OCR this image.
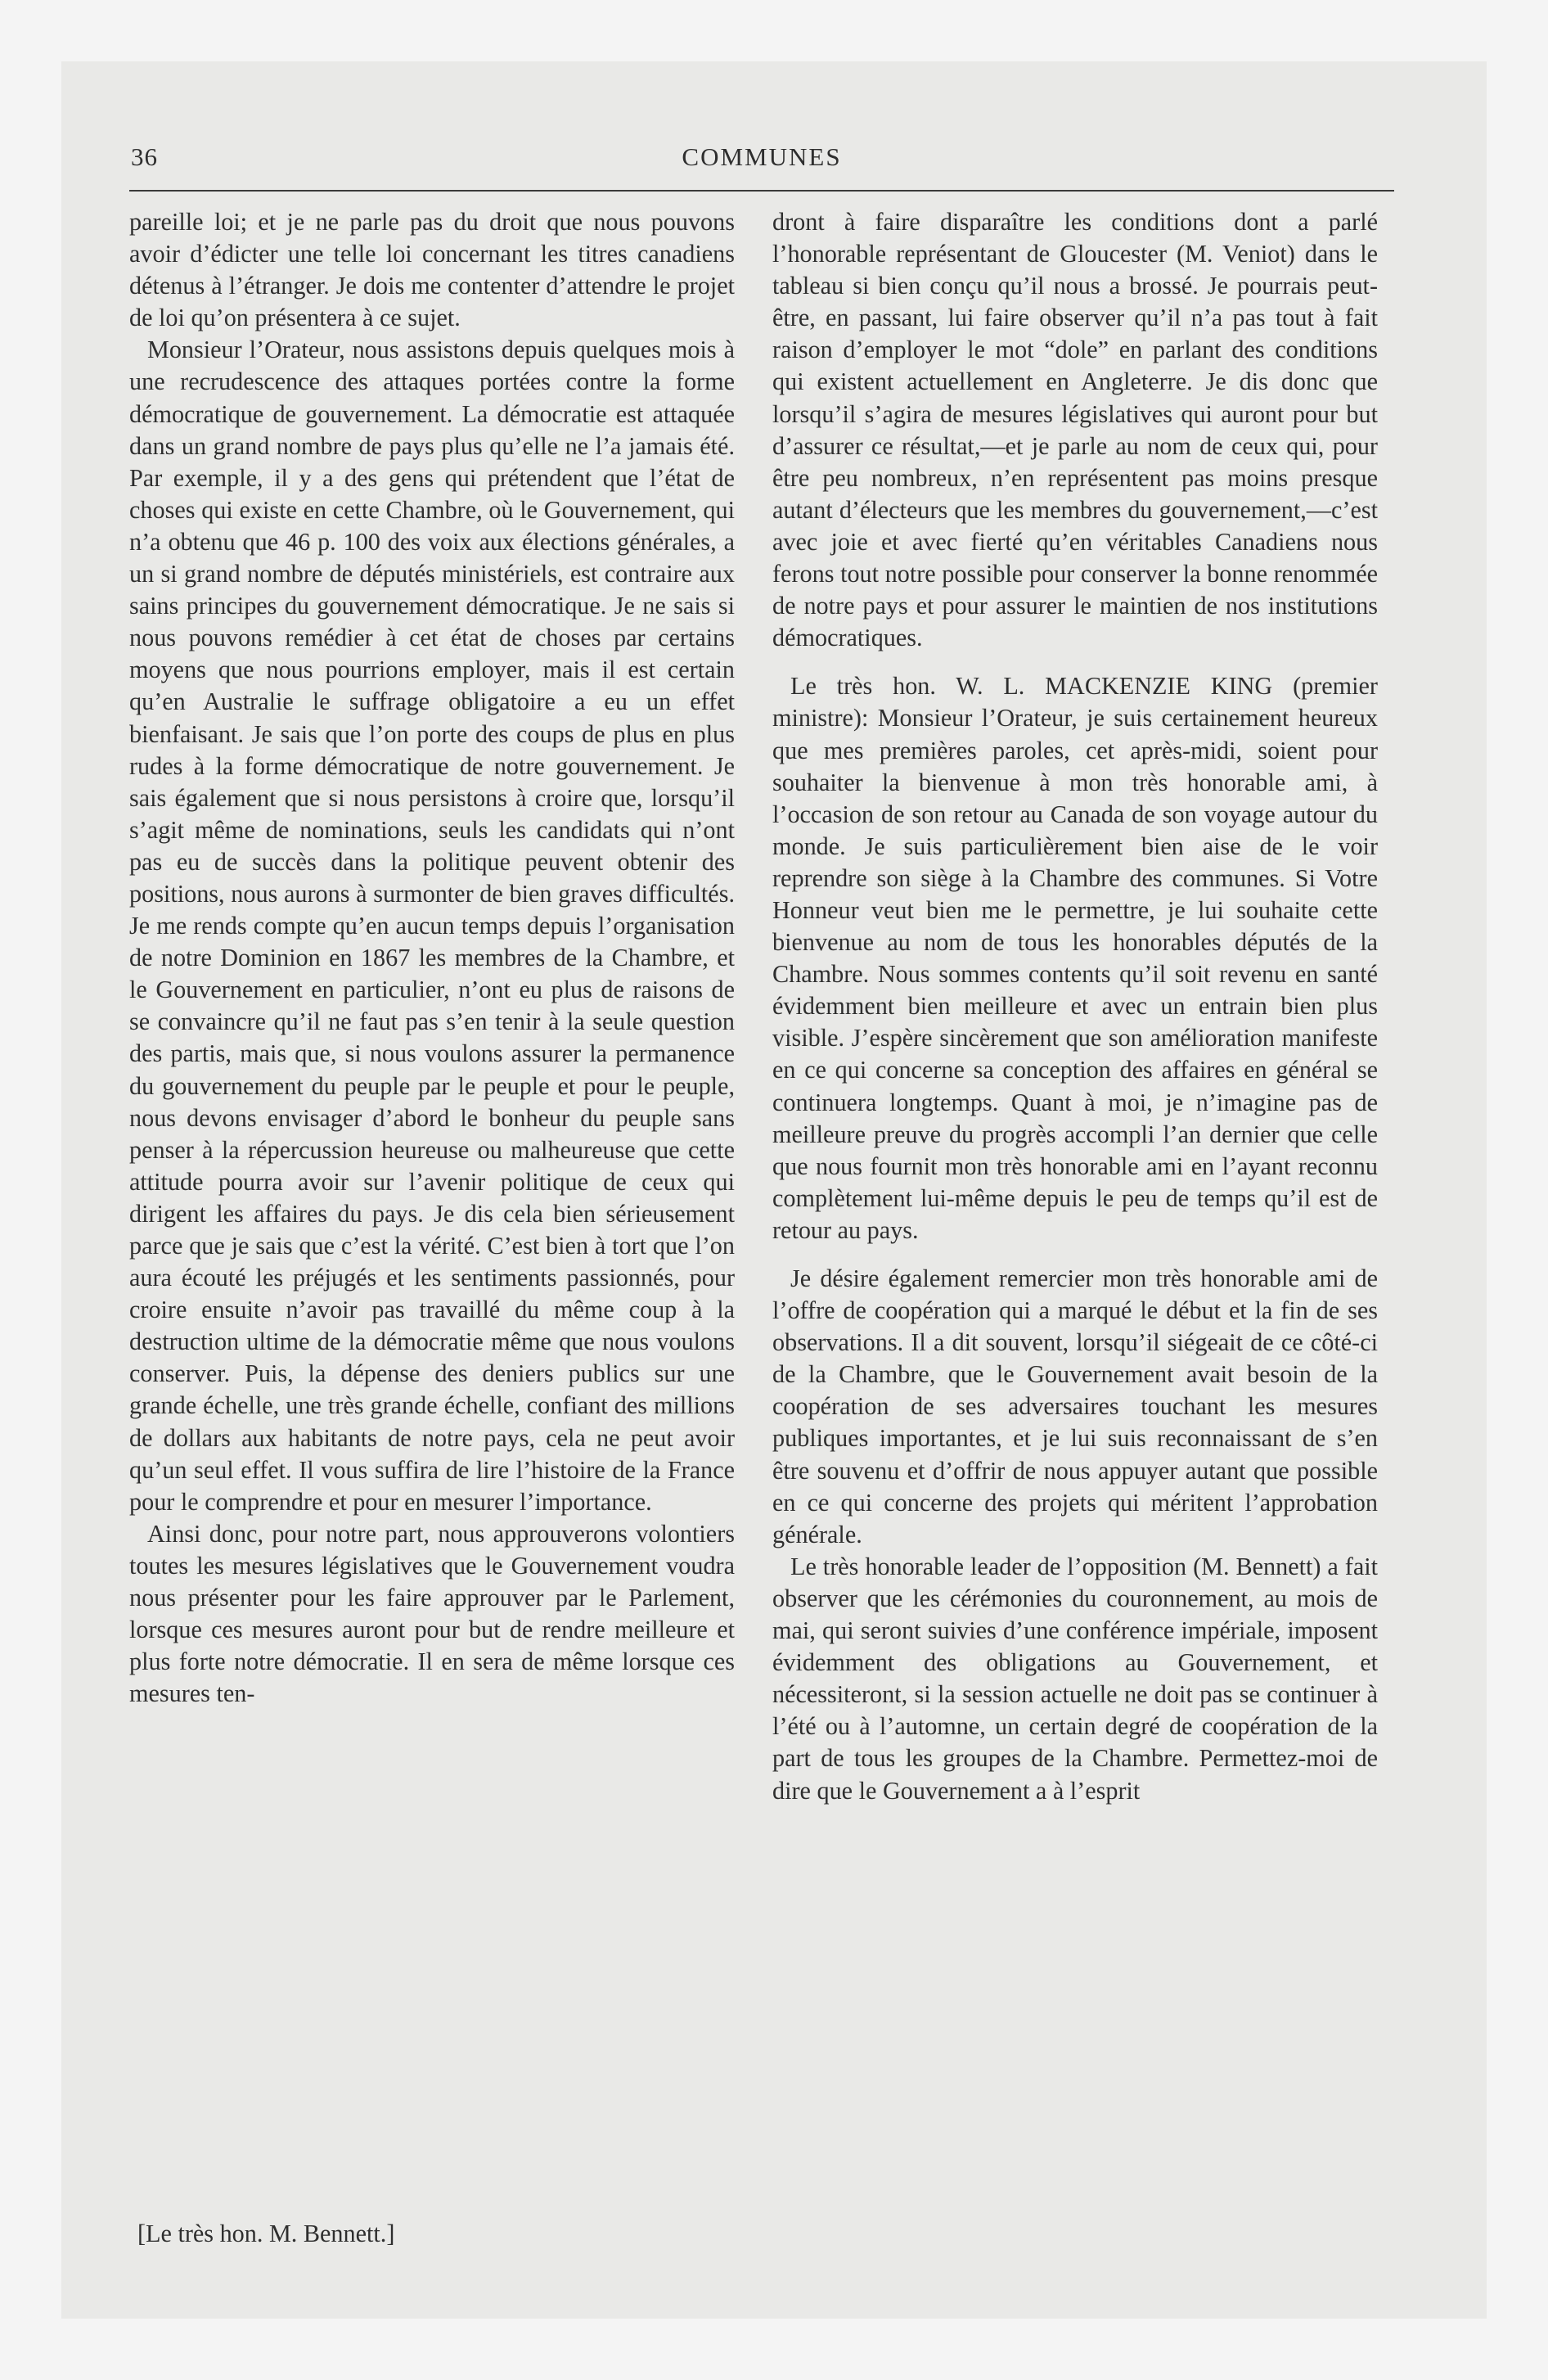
36	COMMUNES

pareille loi; et je ne parle pas du droit que nous pouvons avoir d’édicter une telle loi concernant les titres canadiens détenus à l’étranger. Je dois me contenter d’attendre le projet de loi qu’on présentera à ce sujet.

Monsieur l’Orateur, nous assistons depuis quelques mois à une recrudescence des attaques portées contre la forme démocratique de gouvernement. La démocratie est attaquée dans un grand nombre de pays plus qu’elle ne l’a jamais été. Par exemple, il y a des gens qui prétendent que l’état de choses qui existe en cette Chambre, où le Gouvernement, qui n’a obtenu que 46 p. 100 des voix aux élections générales, a un si grand nombre de députés ministériels, est contraire aux sains principes du gouvernement démocratique. Je ne sais si nous pouvons remédier à cet état de choses par certains moyens que nous pourrions employer, mais il est certain qu’en Australie le suffrage obligatoire a eu un effet bienfaisant. Je sais que l’on porte des coups de plus en plus rudes à la forme démocratique de notre gouvernement. Je sais également que si nous persistons à croire que, lorsqu’il s’agit même de nominations, seuls les candidats qui n’ont pas eu de succès dans la politique peuvent obtenir des positions, nous aurons à surmonter de bien graves difficultés. Je me rends compte qu’en aucun temps depuis l’organisation de notre Dominion en 1867 les membres de la Chambre, et le Gouvernement en particulier, n’ont eu plus de raisons de se convaincre qu’il ne faut pas s’en tenir à la seule question des partis, mais que, si nous voulons assurer la permanence du gouvernement du peuple par le peuple et pour le peuple, nous devons envisager d’abord le bonheur du peuple sans penser à la répercussion heureuse ou malheureuse que cette attitude pourra avoir sur l’avenir politique de ceux qui dirigent les affaires du pays. Je dis cela bien sérieusement parce que je sais que c’est la vérité. C’est bien à tort que l’on aura écouté les préjugés et les sentiments passionnés, pour croire ensuite n’avoir pas travaillé du même coup à la destruction ultime de la démocratie même que nous voulons conserver. Puis, la dépense des deniers publics sur une grande échelle, une très grande échelle, confiant des millions de dollars aux habitants de notre pays, cela ne peut avoir qu’un seul effet. Il vous suffira de lire l’histoire de la France pour le comprendre et pour en mesurer l’importance.

Ainsi donc, pour notre part, nous approuverons volontiers toutes les mesures législatives que le Gouvernement voudra nous présenter pour les faire approuver par le Parlement, lorsque ces mesures auront pour but de rendre meilleure et plus forte notre démocratie. Il en sera de même lorsque ces mesures ten-

dront à faire disparaître les conditions dont a parlé l’honorable représentant de Gloucester (M. Veniot) dans le tableau si bien conçu qu’il nous a brossé. Je pourrais peut-être, en passant, lui faire observer qu’il n’a pas tout à fait raison d’employer le mot “dole” en parlant des conditions qui existent actuellement en Angleterre. Je dis donc que lorsqu’il s’agira de mesures législatives qui auront pour but d’assurer ce résultat,—et je parle au nom de ceux qui, pour être peu nombreux, n’en représentent pas moins presque autant d’électeurs que les membres du gouvernement,—c’est avec joie et avec fierté qu’en véritables Canadiens nous ferons tout notre possible pour conserver la bonne renommée de notre pays et pour assurer le maintien de nos institutions démocratiques.

Le très hon. W. L. MACKENZIE KING (premier ministre): Monsieur l’Orateur, je suis certainement heureux que mes premières paroles, cet après-midi, soient pour souhaiter la bienvenue à mon très honorable ami, à l’occasion de son retour au Canada de son voyage autour du monde. Je suis particulièrement bien aise de le voir reprendre son siège à la Chambre des communes. Si Votre Honneur veut bien me le permettre, je lui souhaite cette bienvenue au nom de tous les honorables députés de la Chambre. Nous sommes contents qu’il soit revenu en santé évidemment bien meilleure et avec un entrain bien plus visible. J’espère sincèrement que son amélioration manifeste en ce qui concerne sa conception des affaires en général se continuera longtemps. Quant à moi, je n’imagine pas de meilleure preuve du progrès accompli l’an dernier que celle que nous fournit mon très honorable ami en l’ayant reconnu complètement lui-même depuis le peu de temps qu’il est de retour au pays.

Je désire également remercier mon très honorable ami de l’offre de coopération qui a marqué le début et la fin de ses observations. Il a dit souvent, lorsqu’il siégeait de ce côté-ci de la Chambre, que le Gouvernement avait besoin de la coopération de ses adversaires touchant les mesures publiques importantes, et je lui suis reconnaissant de s’en être souvenu et d’offrir de nous appuyer autant que possible en ce qui concerne des projets qui méritent l’approbation générale.

Le très honorable leader de l’opposition (M. Bennett) a fait observer que les cérémonies du couronnement, au mois de mai, qui seront suivies d’une conférence impériale, imposent évidemment des obligations au Gouvernement, et nécessiteront, si la session actuelle ne doit pas se continuer à l’été ou à l’automne, un certain degré de coopération de la part de tous les groupes de la Chambre. Permettez-moi de dire que le Gouvernement a à l’esprit

[Le très hon. M. Bennett.]
